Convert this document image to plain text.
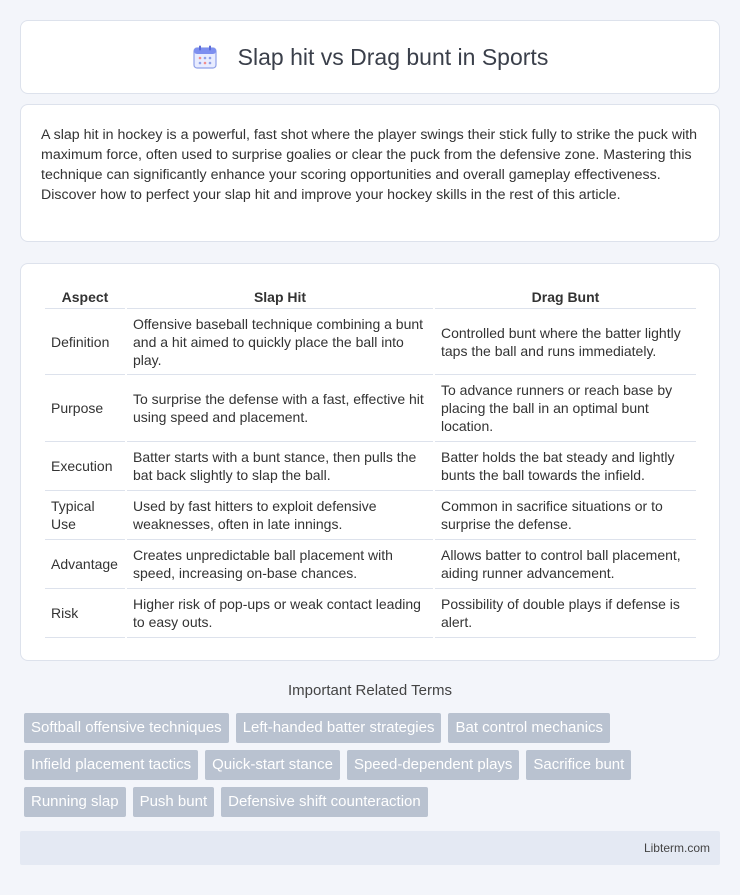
Slap hit vs Drag bunt in Sports

A slap hit in hockey is a powerful, fast shot where the player swings their stick fully to strike the puck with maximum force, often used to surprise goalies or clear the puck from the defensive zone. Mastering this technique can significantly enhance your scoring opportunities and overall gameplay effectiveness. Discover how to perfect your slap hit and improve your hockey skills in the rest of this article.

Aspect	Slap Hit	Drag Bunt
Definition	Offensive baseball technique combining a bunt and a hit aimed to quickly place the ball into play.	Controlled bunt where the batter lightly taps the ball and runs immediately.
Purpose	To surprise the defense with a fast, effective hit using speed and placement.	To advance runners or reach base by placing the ball in an optimal bunt location.
Execution	Batter starts with a bunt stance, then pulls the bat back slightly to slap the ball.	Batter holds the bat steady and lightly bunts the ball towards the infield.
Typical Use	Used by fast hitters to exploit defensive weaknesses, often in late innings.	Common in sacrifice situations or to surprise the defense.
Advantage	Creates unpredictable ball placement with speed, increasing on-base chances.	Allows batter to control ball placement, aiding runner advancement.
Risk	Higher risk of pop-ups or weak contact leading to easy outs.	Possibility of double plays if defense is alert.
Important Related Terms
Softball offensive techniques	Left-handed batter strategies	Bat control mechanics
Infield placement tactics	Quick-start stance	Speed-dependent plays	Sacrifice bunt
Running slap	Push bunt	Defensive shift counteraction
Libterm.com
